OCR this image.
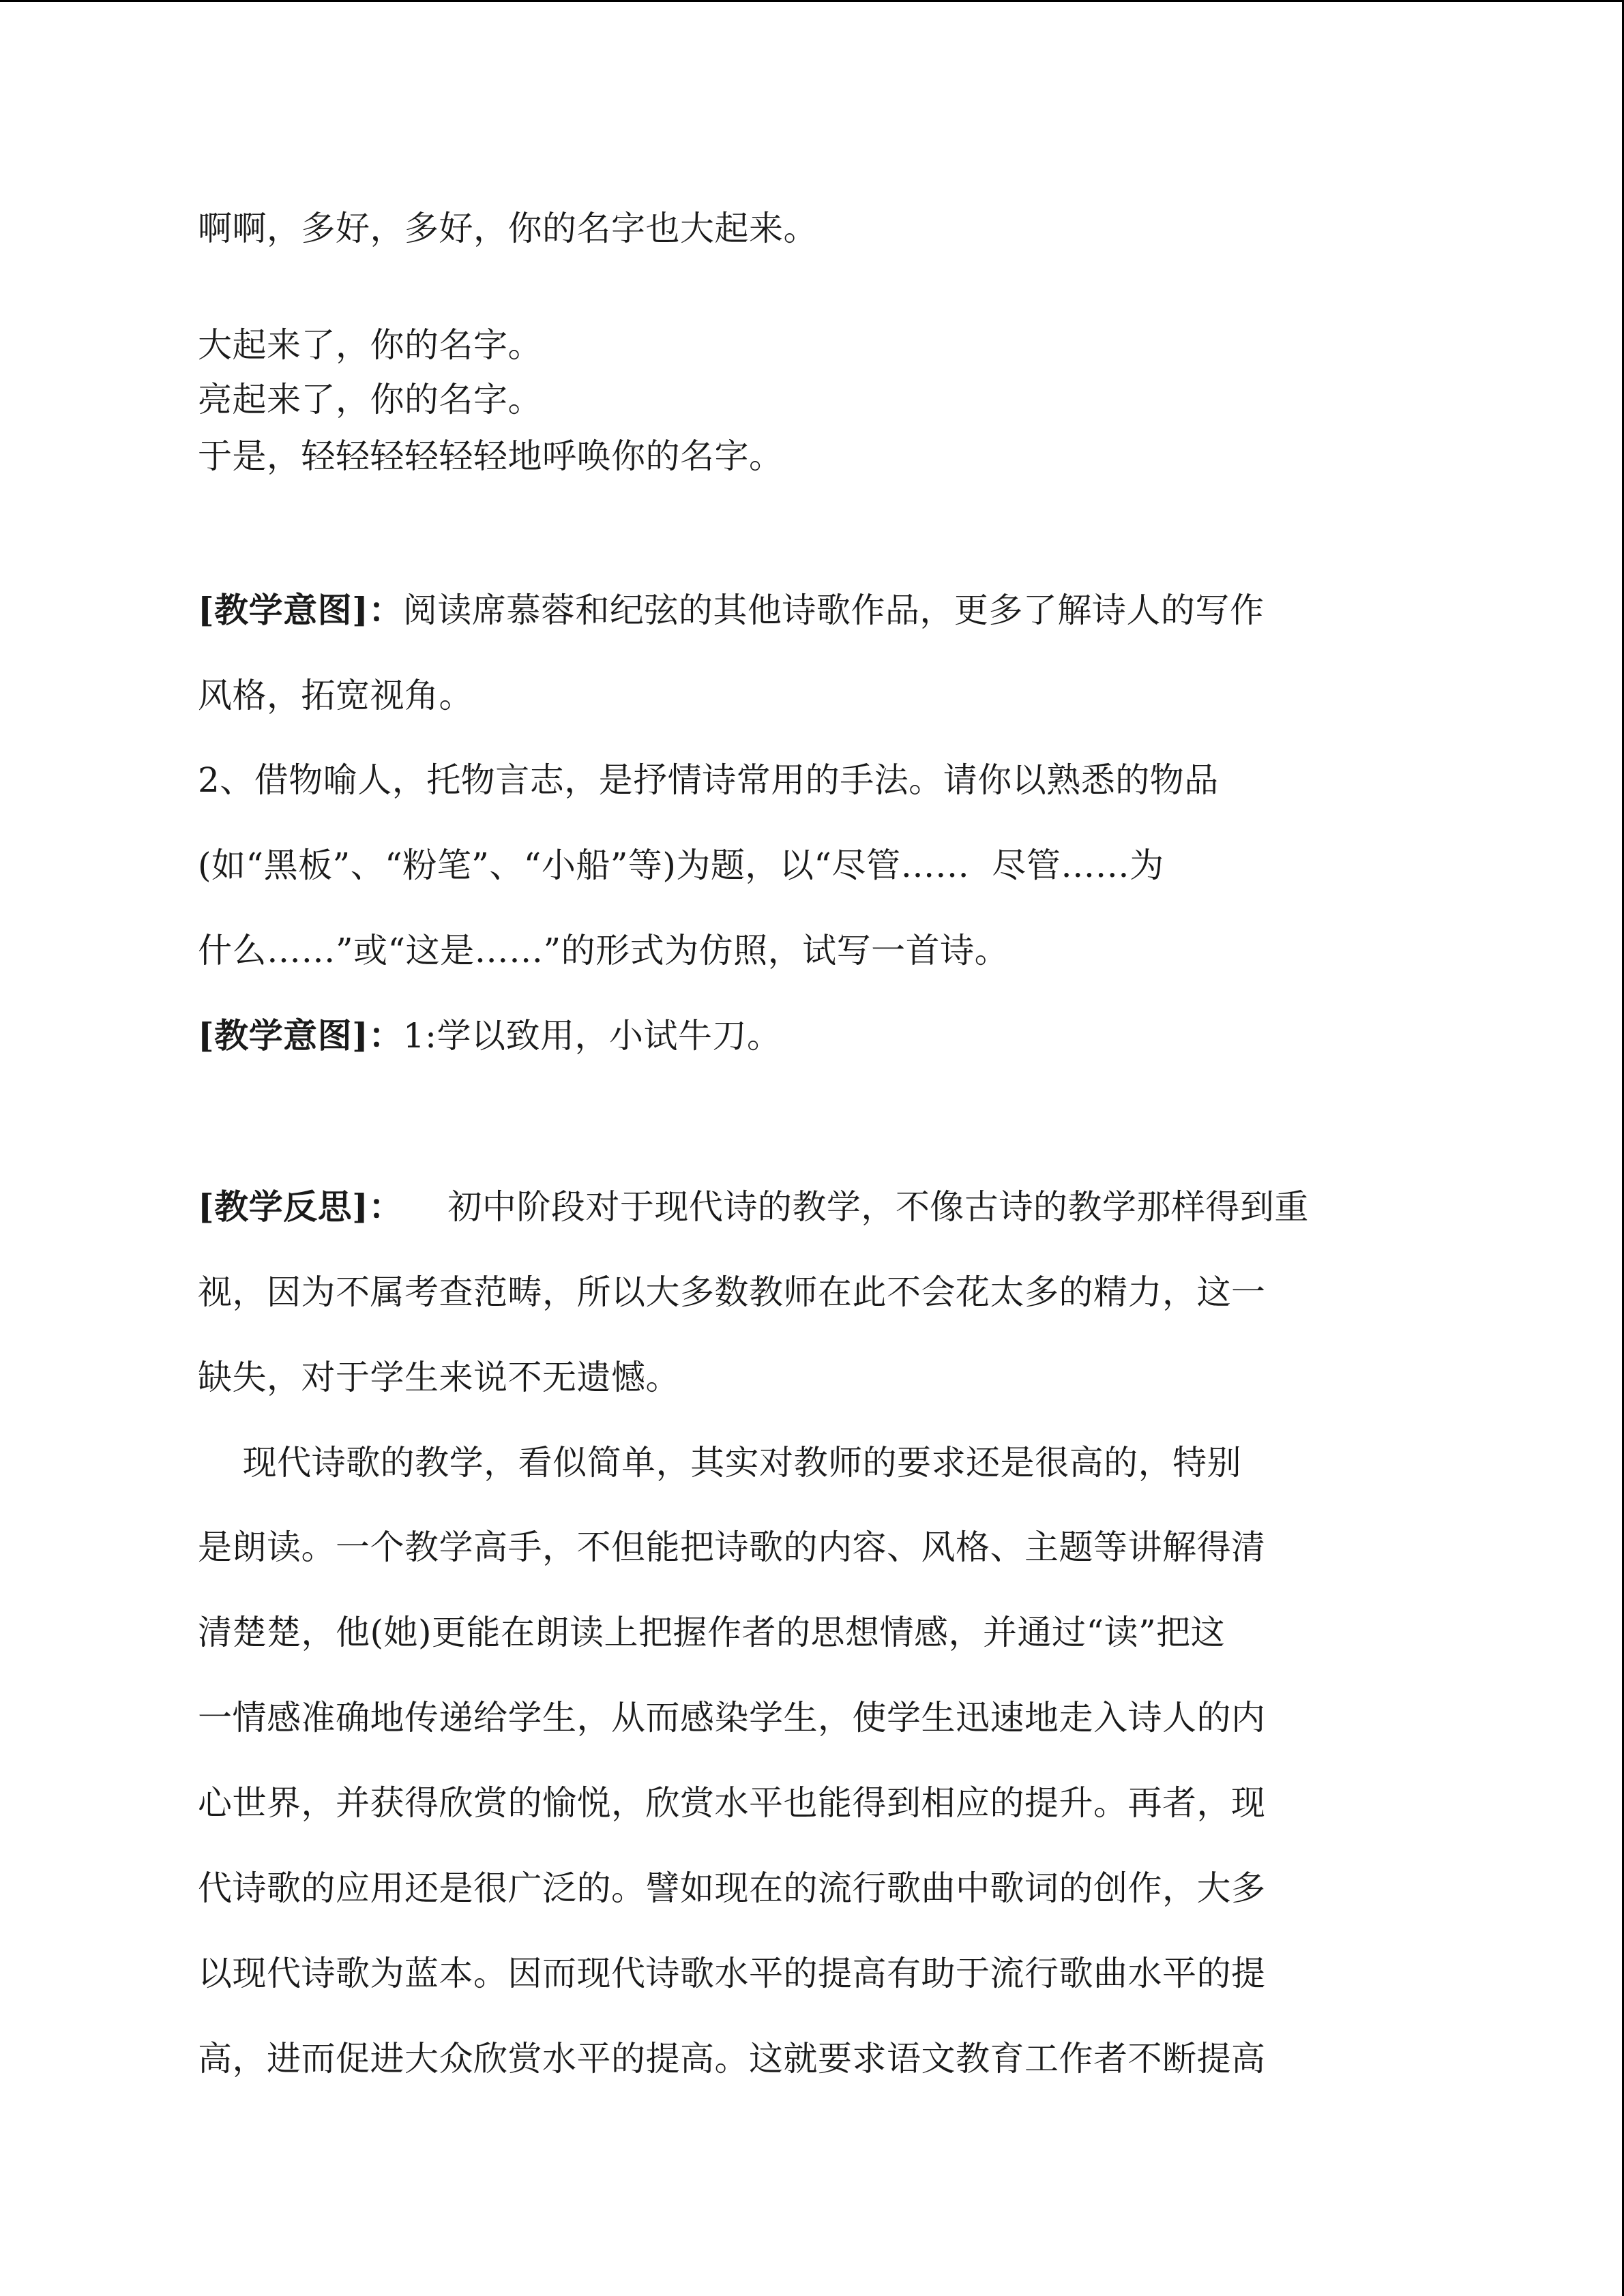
啊啊，多好，多好，你的名字也大起来。
大起来了，你的名字。
亮起来了，你的名字。
于是，轻轻轻轻轻轻地呼唤你的名字。
[教学意图]：阅读席慕蓉和纪弦的其他诗歌作品，更多了解诗人的写作
风格，拓宽视角。
2、借物喻人，托物言志，是抒情诗常用的手法。请你以熟悉的物品
(如“黑板”、“粉笔”、“小船”等)为题，以“尽管……  尽管……为
什么……”或“这是……”的形式为仿照，试写一首诗。
[教学意图]：1:学以致用，小试牛刀。
[教学反思]：    初中阶段对于现代诗的教学，不像古诗的教学那样得到重
视，因为不属考查范畴，所以大多数教师在此不会花太多的精力，这一
缺失，对于学生来说不无遗憾。
现代诗歌的教学，看似简单，其实对教师的要求还是很高的，特别
是朗读。一个教学高手，不但能把诗歌的内容、风格、主题等讲解得清
清楚楚，他(她)更能在朗读上把握作者的思想情感，并通过“读”把这
一情感准确地传递给学生，从而感染学生，使学生迅速地走入诗人的内
心世界，并获得欣赏的愉悦，欣赏水平也能得到相应的提升。再者，现
代诗歌的应用还是很广泛的。譬如现在的流行歌曲中歌词的创作，大多
以现代诗歌为蓝本。因而现代诗歌水平的提高有助于流行歌曲水平的提
高，进而促进大众欣赏水平的提高。这就要求语文教育工作者不断提高
